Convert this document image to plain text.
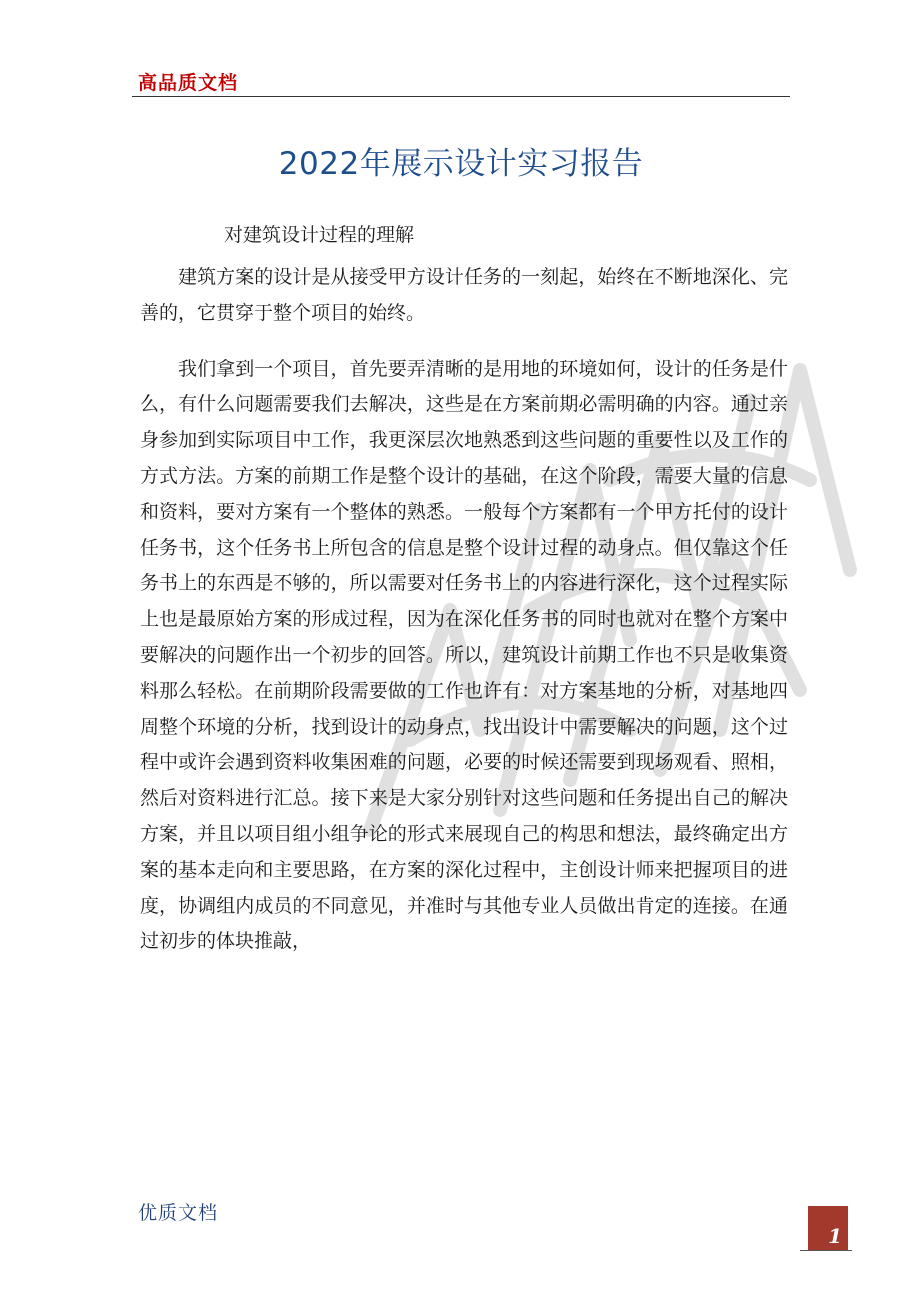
高品质文档
2022年展示设计实习报告
对建筑设计过程的理解

建筑方案的设计是从接受甲方设计任务的一刻起，始终在不断地深化、完善的，它贯穿于整个项目的始终。

我们拿到一个项目，首先要弄清晰的是用地的环境如何，设计的任务是什么，有什么问题需要我们去解决，这些是在方案前期必需明确的内容。通过亲身参加到实际项目中工作，我更深层次地熟悉到这些问题的重要性以及工作的方式方法。方案的前期工作是整个设计的基础，在这个阶段，需要大量的信息和资料，要对方案有一个整体的熟悉。一般每个方案都有一个甲方托付的设计任务书，这个任务书上所包含的信息是整个设计过程的动身点。但仅靠这个任务书上的东西是不够的，所以需要对任务书上的内容进行深化，这个过程实际上也是最原始方案的形成过程，因为在深化任务书的同时也就对在整个方案中要解决的问题作出一个初步的回答。所以，建筑设计前期工作也不只是收集资料那么轻松。在前期阶段需要做的工作也许有：对方案基地的分析，对基地四周整个环境的分析，找到设计的动身点，找出设计中需要解决的问题，这个过程中或许会遇到资料收集困难的问题，必要的时候还需要到现场观看、照相，然后对资料进行汇总。接下来是大家分别针对这些问题和任务提出自己的解决方案，并且以项目组小组争论的形式来展现自己的构思和想法，最终确定出方案的基本走向和主要思路，在方案的深化过程中，主创设计师来把握项目的进度，协调组内成员的不同意见，并准时与其他专业人员做出肯定的连接。在通过初步的体块推敲，

优质文档
1
